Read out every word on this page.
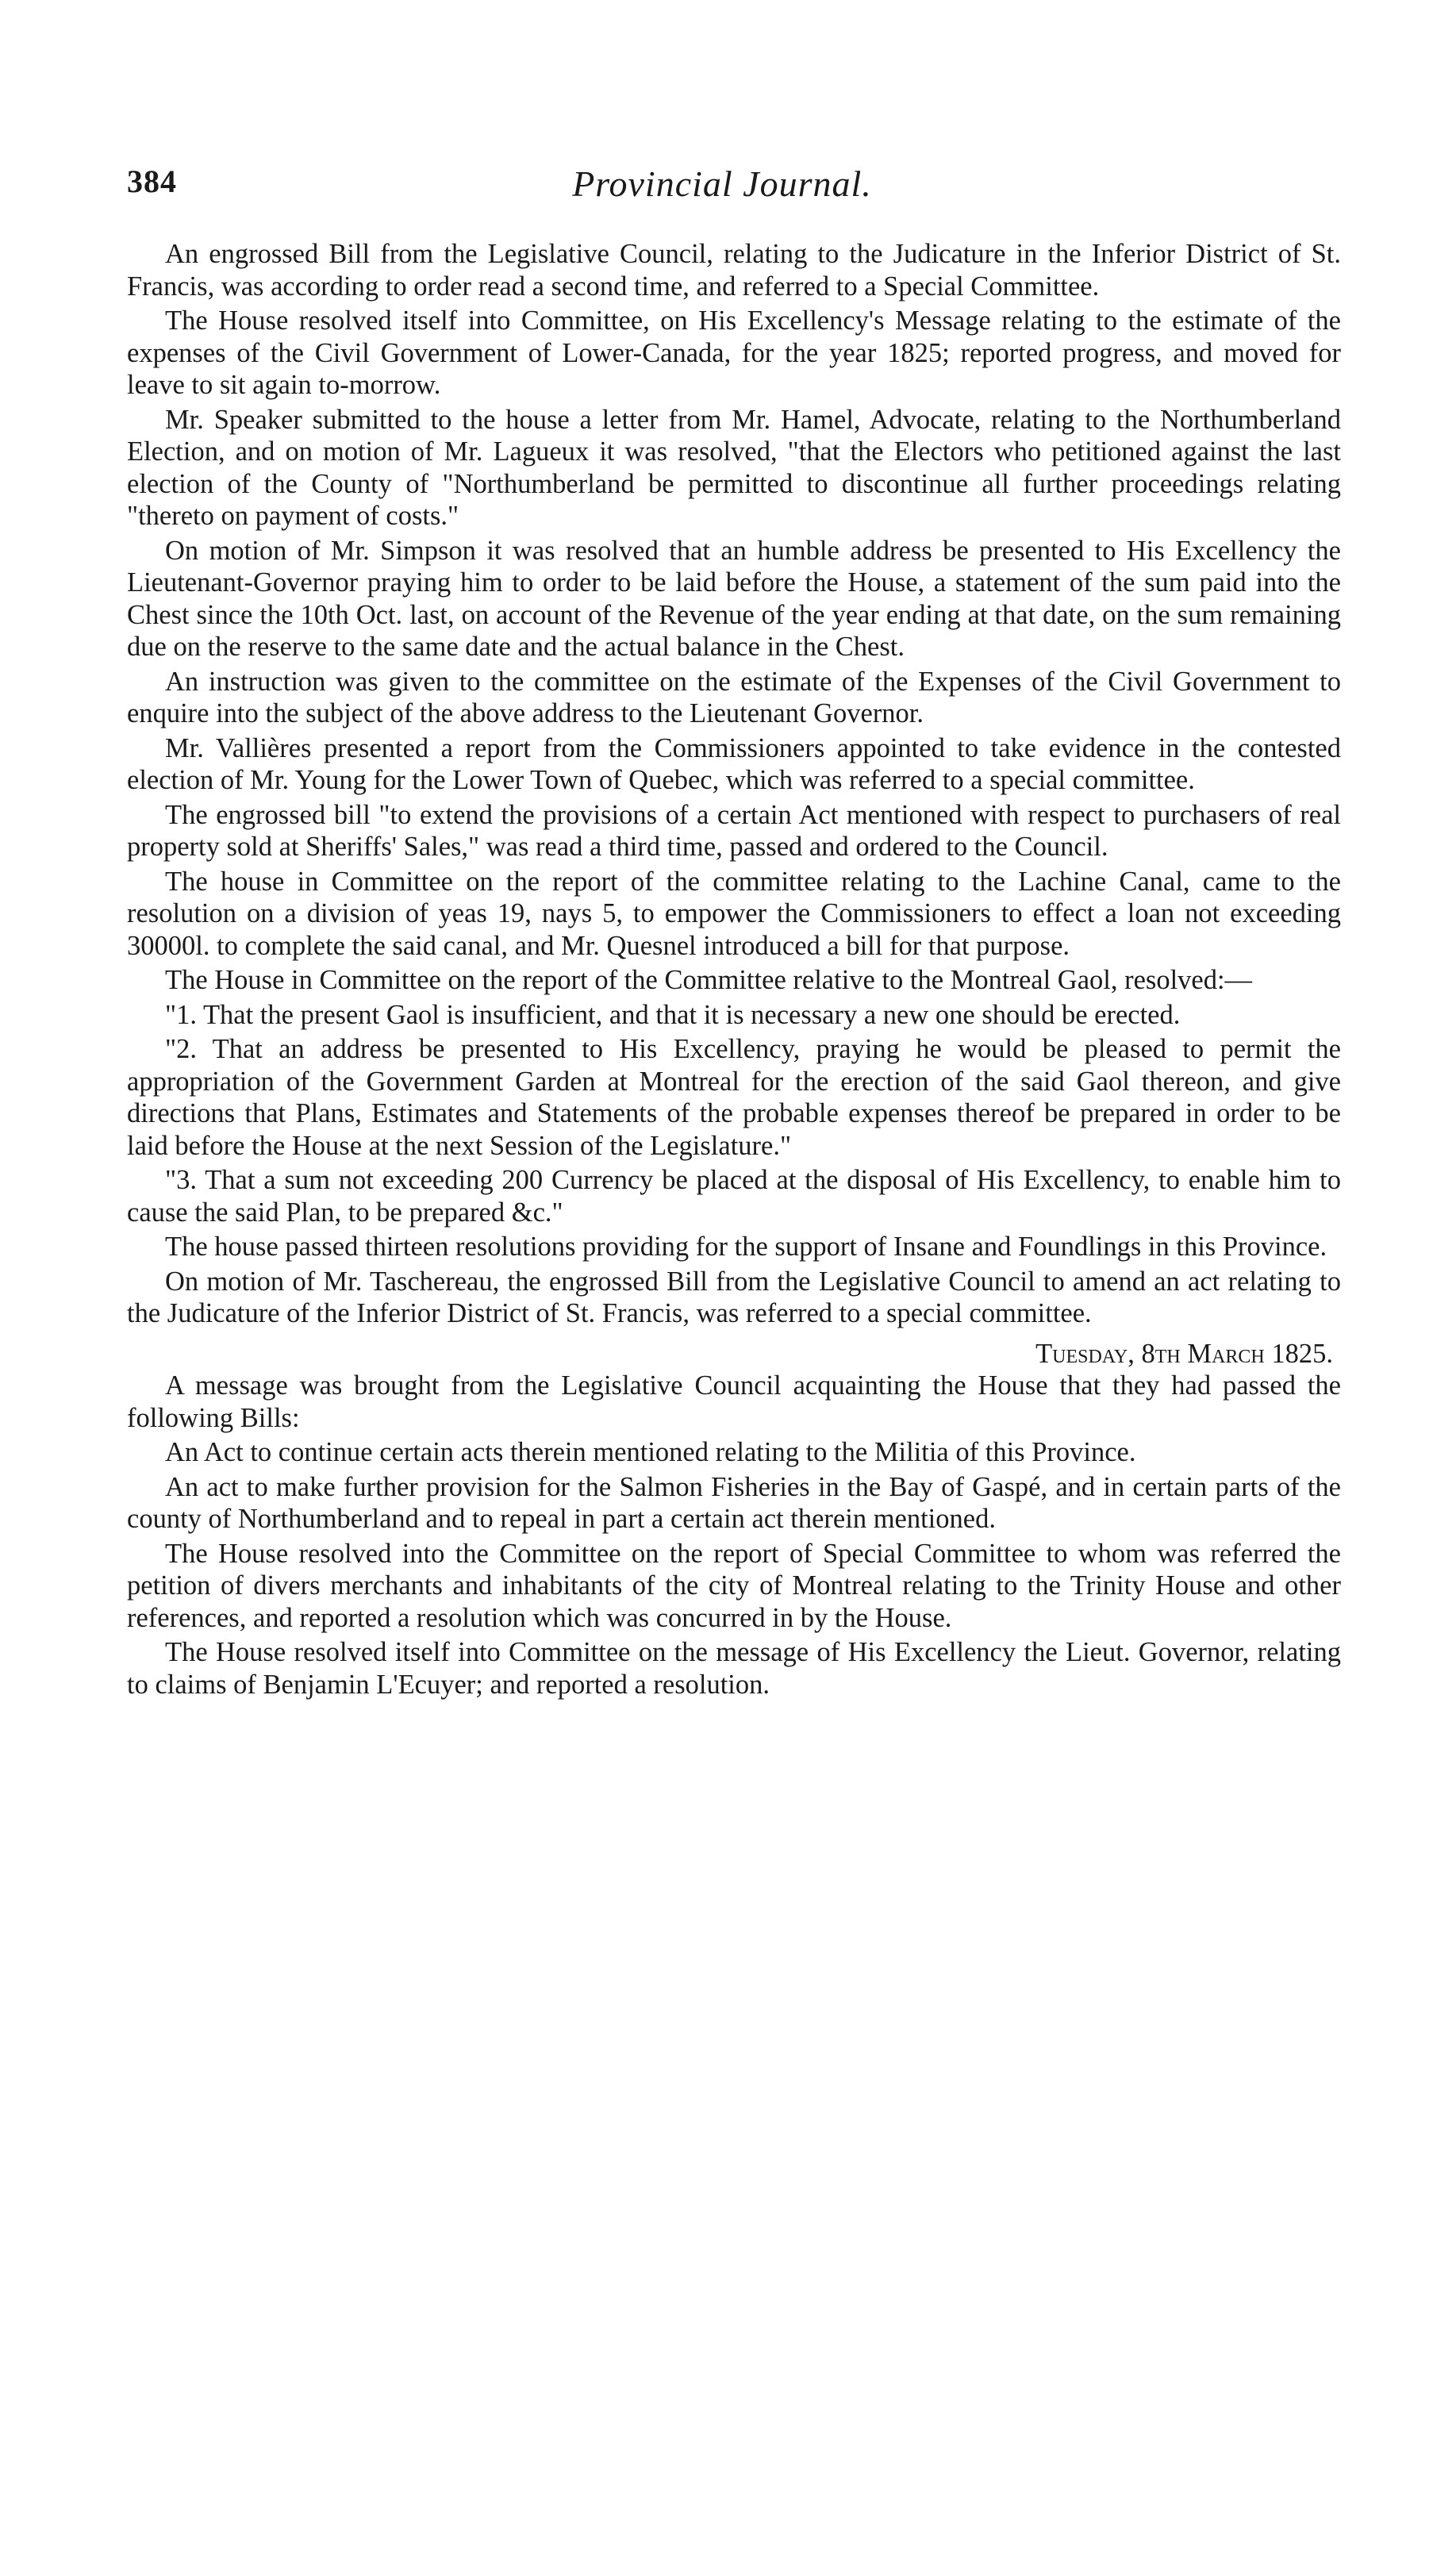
384	Provincial Journal.

An engrossed Bill from the Legislative Council, relating to the Judicature in the Inferior District of St. Francis, was according to order read a second time, and referred to a Special Committee.

The House resolved itself into Committee, on His Excellency's Message relating to the estimate of the expenses of the Civil Government of Lower-Canada, for the year 1825; reported progress, and moved for leave to sit again to-morrow.

Mr. Speaker submitted to the house a letter from Mr. Hamel, Advocate, relating to the Northumberland Election, and on motion of Mr. Lagueux it was resolved, "that the Electors who petitioned against the last election of the County of "Northumberland be permitted to discontinue all further proceedings relating "thereto on payment of costs."

On motion of Mr. Simpson it was resolved that an humble address be presented to His Excellency the Lieutenant-Governor praying him to order to be laid before the House, a statement of the sum paid into the Chest since the 10th Oct. last, on account of the Revenue of the year ending at that date, on the sum remaining due on the reserve to the same date and the actual balance in the Chest.

An instruction was given to the committee on the estimate of the Expenses of the Civil Government to enquire into the subject of the above address to the Lieutenant Governor.

Mr. Vallières presented a report from the Commissioners appointed to take evidence in the contested election of Mr. Young for the Lower Town of Quebec, which was referred to a special committee.

The engrossed bill "to extend the provisions of a certain Act mentioned with respect to purchasers of real property sold at Sheriffs' Sales," was read a third time, passed and ordered to the Council.

The house in Committee on the report of the committee relating to the Lachine Canal, came to the resolution on a division of yeas 19, nays 5, to empower the Commissioners to effect a loan not exceeding 30000l. to complete the said canal, and Mr. Quesnel introduced a bill for that purpose.

The House in Committee on the report of the Committee relative to the Montreal Gaol, resolved:—

"1. That the present Gaol is insufficient, and that it is necessary a new one should be erected.

"2. That an address be presented to His Excellency, praying he would be pleased to permit the appropriation of the Government Garden at Montreal for the erection of the said Gaol thereon, and give directions that Plans, Estimates and Statements of the probable expenses thereof be prepared in order to be laid before the House at the next Session of the Legislature."

"3. That a sum not exceeding 200 Currency be placed at the disposal of His Excellency, to enable him to cause the said Plan, to be prepared &c."

The house passed thirteen resolutions providing for the support of Insane and Foundlings in this Province.

On motion of Mr. Taschereau, the engrossed Bill from the Legislative Council to amend an act relating to the Judicature of the Inferior District of St. Francis, was referred to a special committee.

Tuesday, 8th March 1825.

A message was brought from the Legislative Council acquainting the House that they had passed the following Bills:

An Act to continue certain acts therein mentioned relating to the Militia of this Province.

An act to make further provision for the Salmon Fisheries in the Bay of Gaspé, and in certain parts of the county of Northumberland and to repeal in part a certain act therein mentioned.

The House resolved into the Committee on the report of Special Committee to whom was referred the petition of divers merchants and inhabitants of the city of Montreal relating to the Trinity House and other references, and reported a resolution which was concurred in by the House.

The House resolved itself into Committee on the message of His Excellency the Lieut. Governor, relating to claims of Benjamin L'Ecuyer; and reported a resolution.
